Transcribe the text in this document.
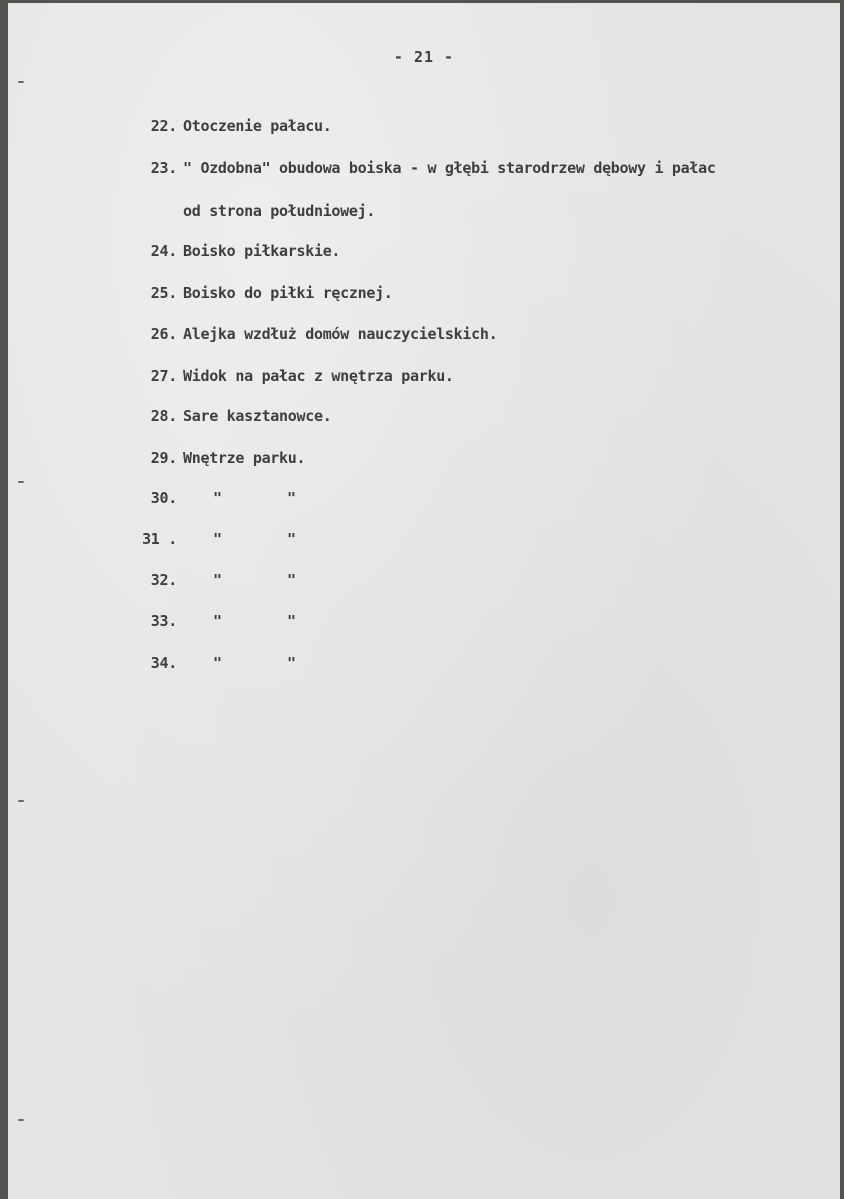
- 21 -
22. Otoczenie pałacu.
23. " Ozdobna" obudowa boiska - w głębi starodrzew dębowy i pałac
od strona południowej.
24. Boisko piłkarskie.
25. Boisko do piłki ręcznej.
26. Alejka wzdłuż domów nauczycielskich.
27. Widok na pałac z wnętrza parku.
28. Sare kasztanowce.
29. Wnętrze parku.
30. "	"
31 . "	"
32. "	"
33. "	"
34. "	"
